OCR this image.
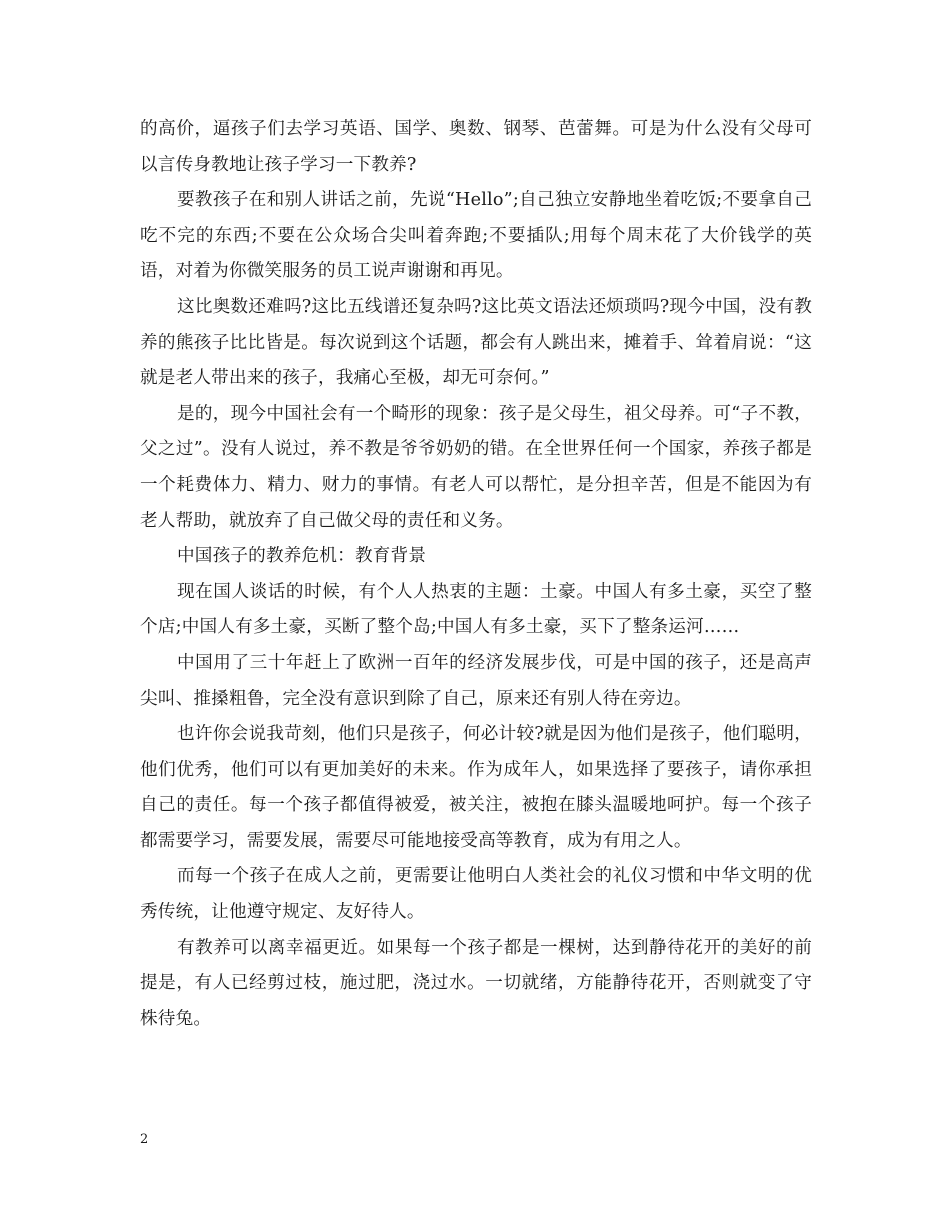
的高价，逼孩子们去学习英语、国学、奥数、钢琴、芭蕾舞。可是为什么没有父母可以言传身教地让孩子学习一下教养?

要教孩子在和别人讲话之前，先说“Hello”;自己独立安静地坐着吃饭;不要拿自己吃不完的东西;不要在公众场合尖叫着奔跑;不要插队;用每个周末花了大价钱学的英语，对着为你微笑服务的员工说声谢谢和再见。

这比奥数还难吗?这比五线谱还复杂吗?这比英文语法还烦琐吗?现今中国，没有教养的熊孩子比比皆是。每次说到这个话题，都会有人跳出来，摊着手、耸着肩说：“这就是老人带出来的孩子，我痛心至极，却无可奈何。”

是的，现今中国社会有一个畸形的现象：孩子是父母生，祖父母养。可“子不教，父之过”。没有人说过，养不教是爷爷奶奶的错。在全世界任何一个国家，养孩子都是一个耗费体力、精力、财力的事情。有老人可以帮忙，是分担辛苦，但是不能因为有老人帮助，就放弃了自己做父母的责任和义务。

中国孩子的教养危机：教育背景

现在国人谈话的时候，有个人人热衷的主题：土豪。中国人有多土豪，买空了整个店;中国人有多土豪，买断了整个岛;中国人有多土豪，买下了整条运河……

中国用了三十年赶上了欧洲一百年的经济发展步伐，可是中国的孩子，还是高声尖叫、推搡粗鲁，完全没有意识到除了自己，原来还有别人待在旁边。

也许你会说我苛刻，他们只是孩子，何必计较?就是因为他们是孩子，他们聪明，他们优秀，他们可以有更加美好的未来。作为成年人，如果选择了要孩子，请你承担自己的责任。每一个孩子都值得被爱，被关注，被抱在膝头温暖地呵护。每一个孩子都需要学习，需要发展，需要尽可能地接受高等教育，成为有用之人。

而每一个孩子在成人之前，更需要让他明白人类社会的礼仪习惯和中华文明的优秀传统，让他遵守规定、友好待人。

有教养可以离幸福更近。如果每一个孩子都是一棵树，达到静待花开的美好的前提是，有人已经剪过枝，施过肥，浇过水。一切就绪，方能静待花开，否则就变了守株待兔。

2
